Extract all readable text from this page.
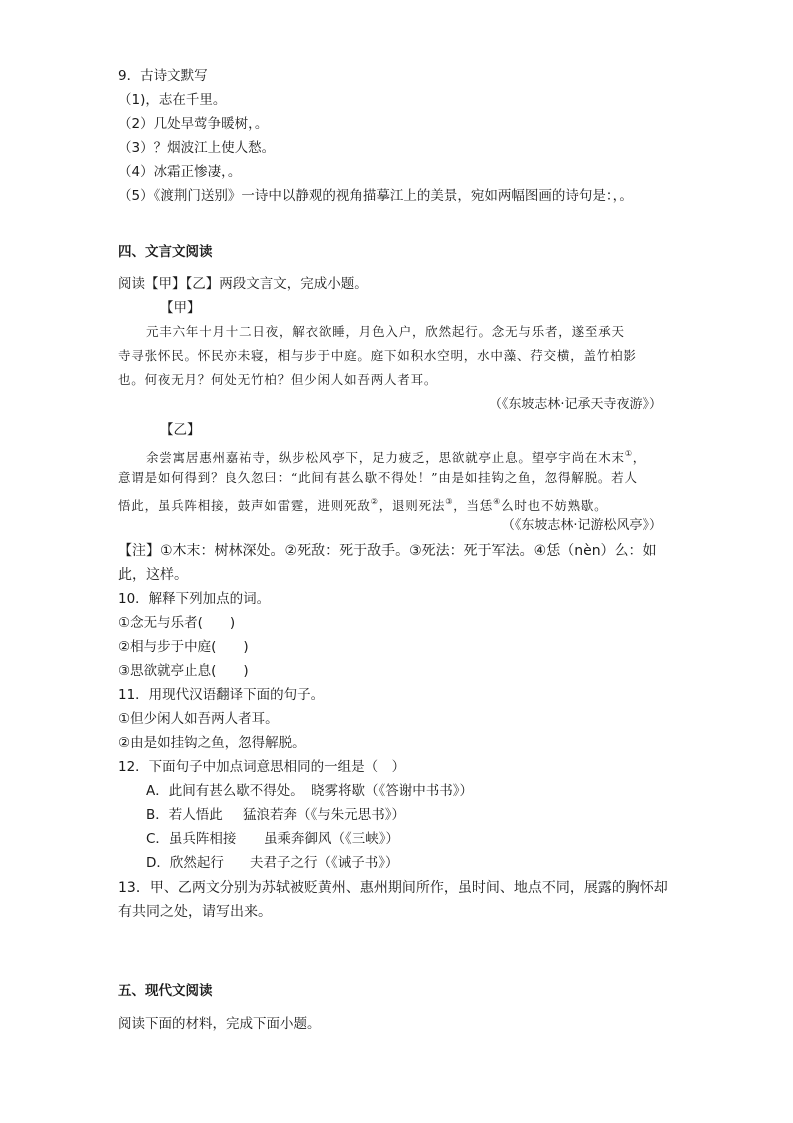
9．古诗文默写
（1)，志在千里。
（2）几处早莺争暖树，。
（3）？烟波江上使人愁。
（4）冰霜正惨凄，。
（5）《渡荆门送别》一诗中以静观的视角描摹江上的美景，宛如两幅图画的诗句是：，。
四、文言文阅读
阅读【甲】【乙】两段文言文，完成小题。
【甲】
元丰六年十月十二日夜，解衣欲睡，月色入户，欣然起行。念无与乐者，遂至承天
寺寻张怀民。怀民亦未寝，相与步于中庭。庭下如积水空明，水中藻、荇交横，盖竹柏影
也。何夜无月？何处无竹柏？但少闲人如吾两人者耳。
（《东坡志林·记承天寺夜游》）
【乙】
余尝寓居惠州嘉祐寺，纵步松风亭下，足力疲乏，思欲就亭止息。望亭宇尚在木末①，
意谓是如何得到？良久忽曰：“此间有甚么歇不得处！”由是如挂钩之鱼，忽得解脱。若人
悟此，虽兵阵相接，鼓声如雷霆，进则死敌②，退则死法③，当恁④么时也不妨熟歇。
（《东坡志林·记游松风亭》）
【注】①木末：树林深处。②死敌：死于敌手。③死法：死于军法。④恁（nèn）么：如
此，这样。
10．解释下列加点的词。
①念无与乐者(　　)
②相与步于中庭(　　)
③思欲就亭止息(　　)
11．用现代汉语翻译下面的句子。
①但少闲人如吾两人者耳。
②由是如挂钩之鱼，忽得解脱。
12．下面句子中加点词意思相同的一组是（　）
A．此间有甚么歇不得处。 晓雾将歇（《答谢中书书》）
B．若人悟此 猛浪若奔（《与朱元思书》）
C．虽兵阵相接 虽乘奔御风（《三峡》）
D．欣然起行 夫君子之行（《诫子书》）
13．甲、乙两文分别为苏轼被贬黄州、惠州期间所作，虽时间、地点不同，展露的胸怀却
有共同之处，请写出来。
五、现代文阅读
阅读下面的材料，完成下面小题。
